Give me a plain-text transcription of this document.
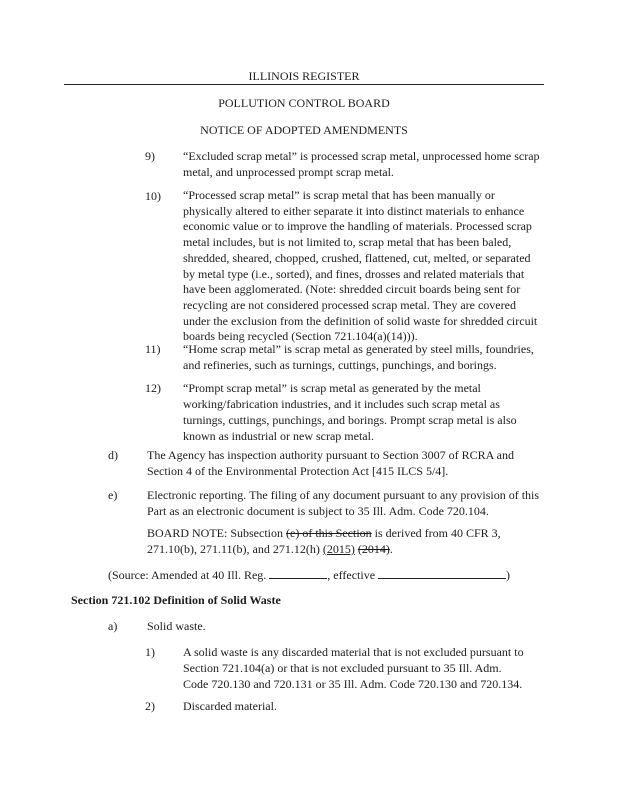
ILLINOIS REGISTER
POLLUTION CONTROL BOARD
NOTICE OF ADOPTED AMENDMENTS
9) “Excluded scrap metal” is processed scrap metal, unprocessed home scrap metal, and unprocessed prompt scrap metal.
10) “Processed scrap metal” is scrap metal that has been manually or physically altered to either separate it into distinct materials to enhance economic value or to improve the handling of materials. Processed scrap metal includes, but is not limited to, scrap metal that has been baled, shredded, sheared, chopped, crushed, flattened, cut, melted, or separated by metal type (i.e., sorted), and fines, drosses and related materials that have been agglomerated. (Note: shredded circuit boards being sent for recycling are not considered processed scrap metal. They are covered under the exclusion from the definition of solid waste for shredded circuit boards being recycled (Section 721.104(a)(14))).
11) “Home scrap metal” is scrap metal as generated by steel mills, foundries, and refineries, such as turnings, cuttings, punchings, and borings.
12) “Prompt scrap metal” is scrap metal as generated by the metal working/fabrication industries, and it includes such scrap metal as turnings, cuttings, punchings, and borings. Prompt scrap metal is also known as industrial or new scrap metal.
d) The Agency has inspection authority pursuant to Section 3007 of RCRA and Section 4 of the Environmental Protection Act [415 ILCS 5/4].
e) Electronic reporting. The filing of any document pursuant to any provision of this Part as an electronic document is subject to 35 Ill. Adm. Code 720.104.
BOARD NOTE: Subsection (e) of this Section is derived from 40 CFR 3, 271.10(b), 271.11(b), and 271.12(h) (2015) (2014).
(Source: Amended at 40 Ill. Reg.	, effective	)
Section 721.102 Definition of Solid Waste
a) Solid waste.
1) A solid waste is any discarded material that is not excluded pursuant to Section 721.104(a) or that is not excluded pursuant to 35 Ill. Adm. Code 720.130 and 720.131 or 35 Ill. Adm. Code 720.130 and 720.134.
2) Discarded material.
